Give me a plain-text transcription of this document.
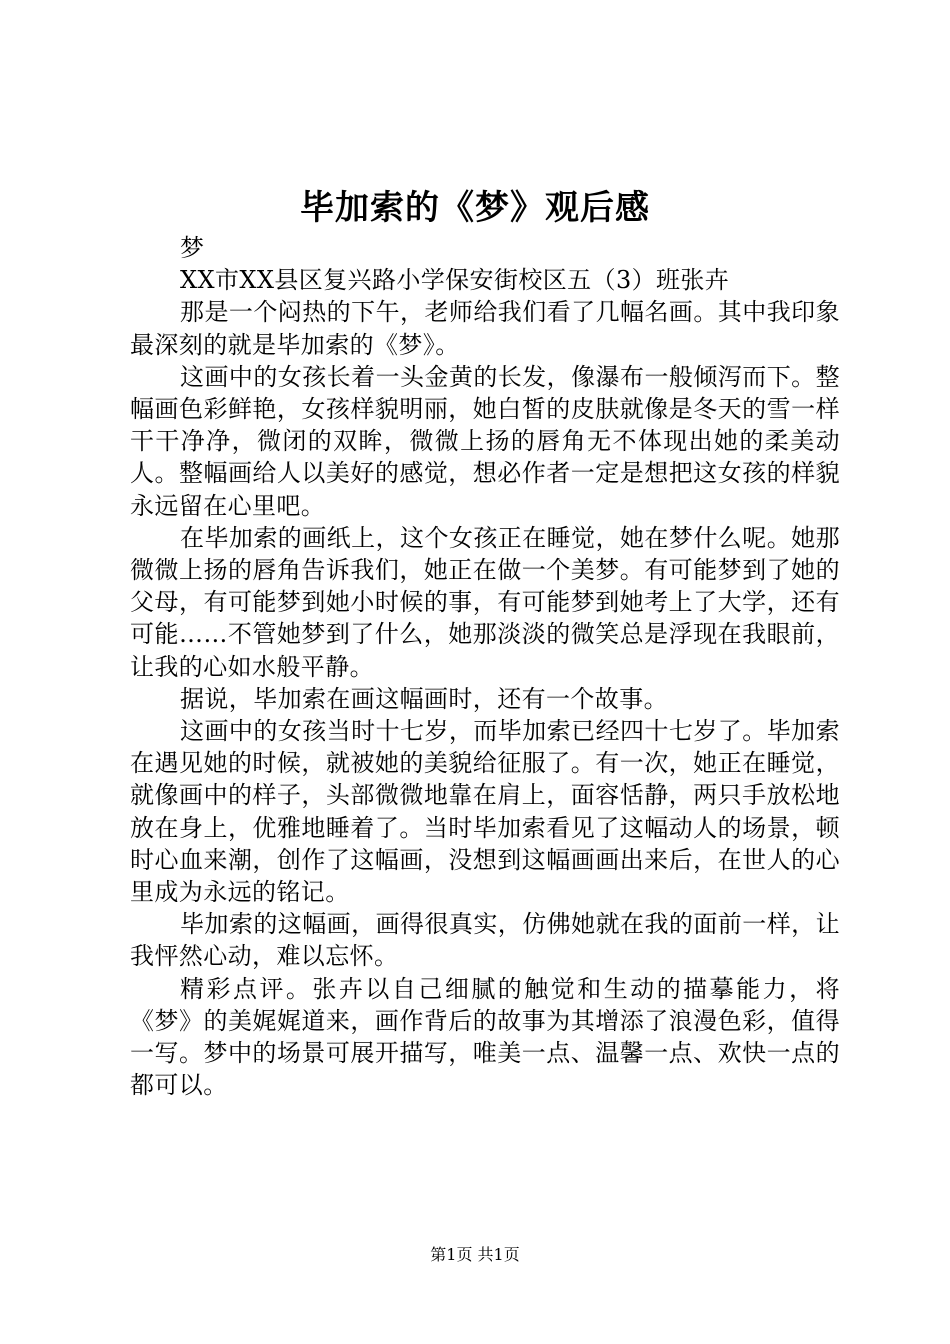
毕加索的《梦》观后感

梦

XX市XX县区复兴路小学保安街校区五（3）班张卉

那是一个闷热的下午，老师给我们看了几幅名画。其中我印象最深刻的就是毕加索的《梦》。

这画中的女孩长着一头金黄的长发，像瀑布一般倾泻而下。整幅画色彩鲜艳，女孩样貌明丽，她白皙的皮肤就像是冬天的雪一样干干净净，微闭的双眸，微微上扬的唇角无不体现出她的柔美动人。整幅画给人以美好的感觉，想必作者一定是想把这女孩的样貌永远留在心里吧。

在毕加索的画纸上，这个女孩正在睡觉，她在梦什么呢。她那微微上扬的唇角告诉我们，她正在做一个美梦。有可能梦到了她的父母，有可能梦到她小时候的事，有可能梦到她考上了大学，还有可能……不管她梦到了什么，她那淡淡的微笑总是浮现在我眼前，让我的心如水般平静。

据说，毕加索在画这幅画时，还有一个故事。

这画中的女孩当时十七岁，而毕加索已经四十七岁了。毕加索在遇见她的时候，就被她的美貌给征服了。有一次，她正在睡觉，就像画中的样子，头部微微地靠在肩上，面容恬静，两只手放松地放在身上，优雅地睡着了。当时毕加索看见了这幅动人的场景，顿时心血来潮，创作了这幅画，没想到这幅画画出来后，在世人的心里成为永远的铭记。

毕加索的这幅画，画得很真实，仿佛她就在我的面前一样，让我怦然心动，难以忘怀。

精彩点评。张卉以自己细腻的触觉和生动的描摹能力，将《梦》的美娓娓道来，画作背后的故事为其增添了浪漫色彩，值得一写。梦中的场景可展开描写，唯美一点、温馨一点、欢快一点的都可以。

第1页 共1页
